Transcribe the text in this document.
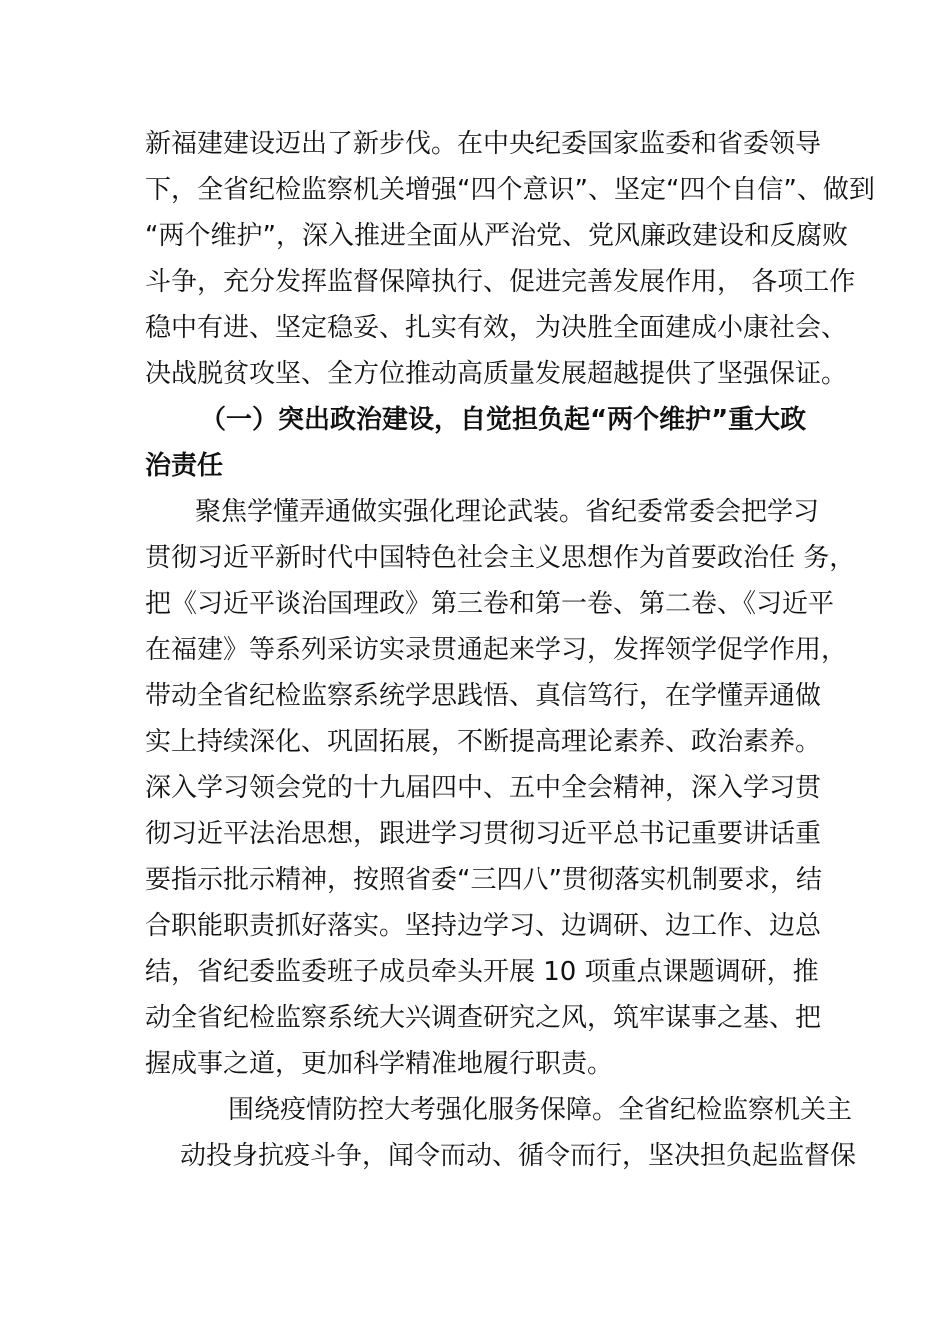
新福建建设迈出了新步伐。在中央纪委国家监委和省委领导
下，全省纪检监察机关增强“四个意识”、坚定“四个自信”、做到
“两个维护”，深入推进全面从严治党、党风廉政建设和反腐败
斗争，充分发挥监督保障执行、促进完善发展作用， 各项工作
稳中有进、坚定稳妥、扎实有效，为决胜全面建成小康社会、
决战脱贫攻坚、全方位推动高质量发展超越提供了坚强保证。
（一）突出政治建设，自觉担负起“两个维护”重大政
治责任
聚焦学懂弄通做实强化理论武装。省纪委常委会把学习
贯彻习近平新时代中国特色社会主义思想作为首要政治任 务，
把《习近平谈治国理政》第三卷和第一卷、第二卷、《习近平
在福建》等系列采访实录贯通起来学习，发挥领学促学作用，
带动全省纪检监察系统学思践悟、真信笃行，在学懂弄通做
实上持续深化、巩固拓展，不断提高理论素养、政治素养。
深入学习领会党的十九届四中、五中全会精神，深入学习贯
彻习近平法治思想，跟进学习贯彻习近平总书记重要讲话重
要指示批示精神，按照省委“三四八”贯彻落实机制要求，结
合职能职责抓好落实。坚持边学习、边调研、边工作、边总
结，省纪委监委班子成员牵头开展 10 项重点课题调研，推
动全省纪检监察系统大兴调查研究之风，筑牢谋事之基、把
握成事之道，更加科学精准地履行职责。
围绕疫情防控大考强化服务保障。全省纪检监察机关主
动投身抗疫斗争，闻令而动、循令而行，坚决担负起监督保
